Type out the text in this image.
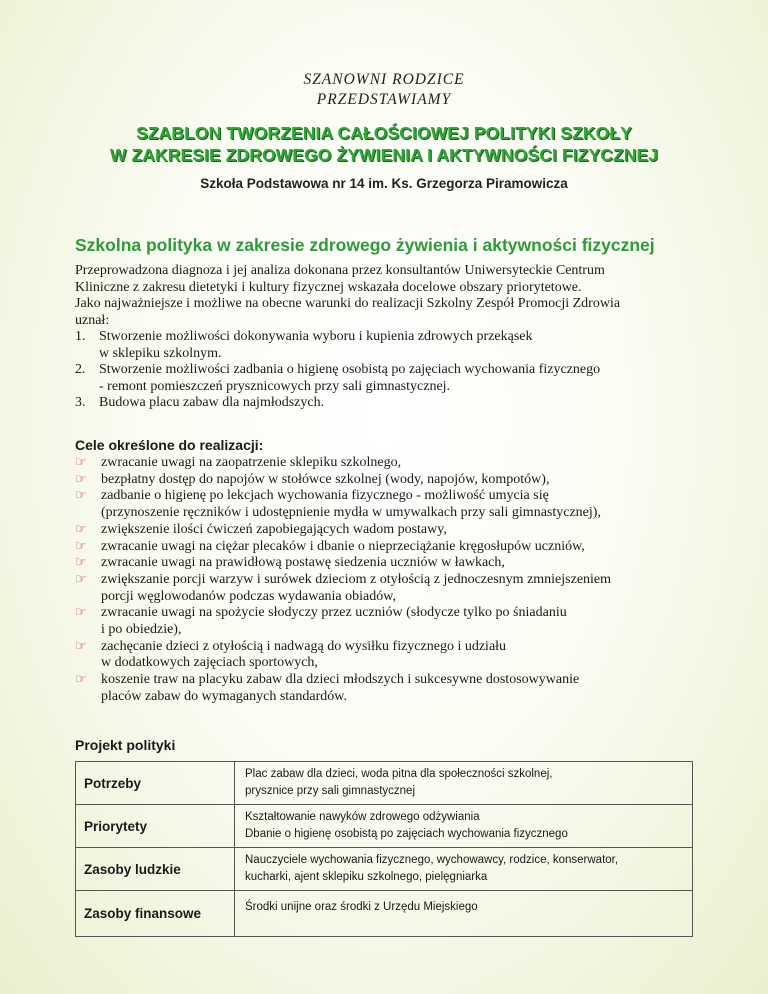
SZANOWNI RODZICE
PRZEDSTAWIAMY
SZABLON TWORZENIA CAŁOŚCIOWEJ POLITYKI SZKOŁY
W ZAKRESIE ZDROWEGO ŻYWIENIA I AKTYWNOŚCI FIZYCZNEJ
Szkoła Podstawowa nr 14 im. Ks. Grzegorza Piramowicza
Szkolna polityka w zakresie zdrowego żywienia i aktywności fizycznej

Przeprowadzona diagnoza i jej analiza dokonana przez konsultantów Uniwersyteckie Centrum

Kliniczne z zakresu dietetyki i kultury fizycznej wskazała docelowe obszary priorytetowe.

Jako najważniejsze i możliwe na obecne warunki do realizacji Szkolny Zespół Promocji Zdrowia

uznał:

1. Stworzenie możliwości dokonywania wyboru i kupienia zdrowych przekąsek
w sklepiku szkolnym.
2. Stworzenie możliwości zadbania o higienę osobistą po zajęciach wychowania fizycznego
- remont pomieszczeń prysznicowych przy sali gimnastycznej.
3. Budowa placu zabaw dla najmłodszych.
Cele określone do realizacji:
☞ zwracanie uwagi na zaopatrzenie sklepiku szkolnego,
☞ bezpłatny dostęp do napojów w stołówce szkolnej (wody, napojów, kompotów),
☞ zadbanie o higienę po lekcjach wychowania fizycznego - możliwość umycia się
(przynoszenie ręczników i udostępnienie mydła w umywalkach przy sali gimnastycznej),
☞ zwiększenie ilości ćwiczeń zapobiegających wadom postawy,
☞ zwracanie uwagi na ciężar plecaków i dbanie o nieprzeciążanie kręgosłupów uczniów,
☞ zwracanie uwagi na prawidłową postawę siedzenia uczniów w ławkach,
☞ zwiększanie porcji warzyw i surówek dzieciom z otyłością z jednoczesnym zmniejszeniem
porcji węglowodanów podczas wydawania obiadów,
☞ zwracanie uwagi na spożycie słodyczy przez uczniów (słodycze tylko po śniadaniu
i po obiedzie),
☞ zachęcanie dzieci z otyłością i nadwagą do wysiłku fizycznego i udziału
w dodatkowych zajęciach sportowych,
☞ koszenie traw na placyku zabaw dla dzieci młodszych i sukcesywne dostosowywanie
placów zabaw do wymaganych standardów.
Projekt polityki
Potrzeby	Plac zabaw dla dzieci, woda pitna dla społeczności szkolnej,
prysznice przy sali gimnastycznej

Priorytety	Kształtowanie nawyków zdrowego odżywiania
Dbanie o higienę osobistą po zajęciach wychowania fizycznego

Zasoby ludzkie	Nauczyciele wychowania fizycznego, wychowawcy, rodzice, konserwator,
kucharki, ajent sklepiku szkolnego, pielęgniarka

Zasoby finansowe	Środki unijne oraz środki z Urzędu Miejskiego
